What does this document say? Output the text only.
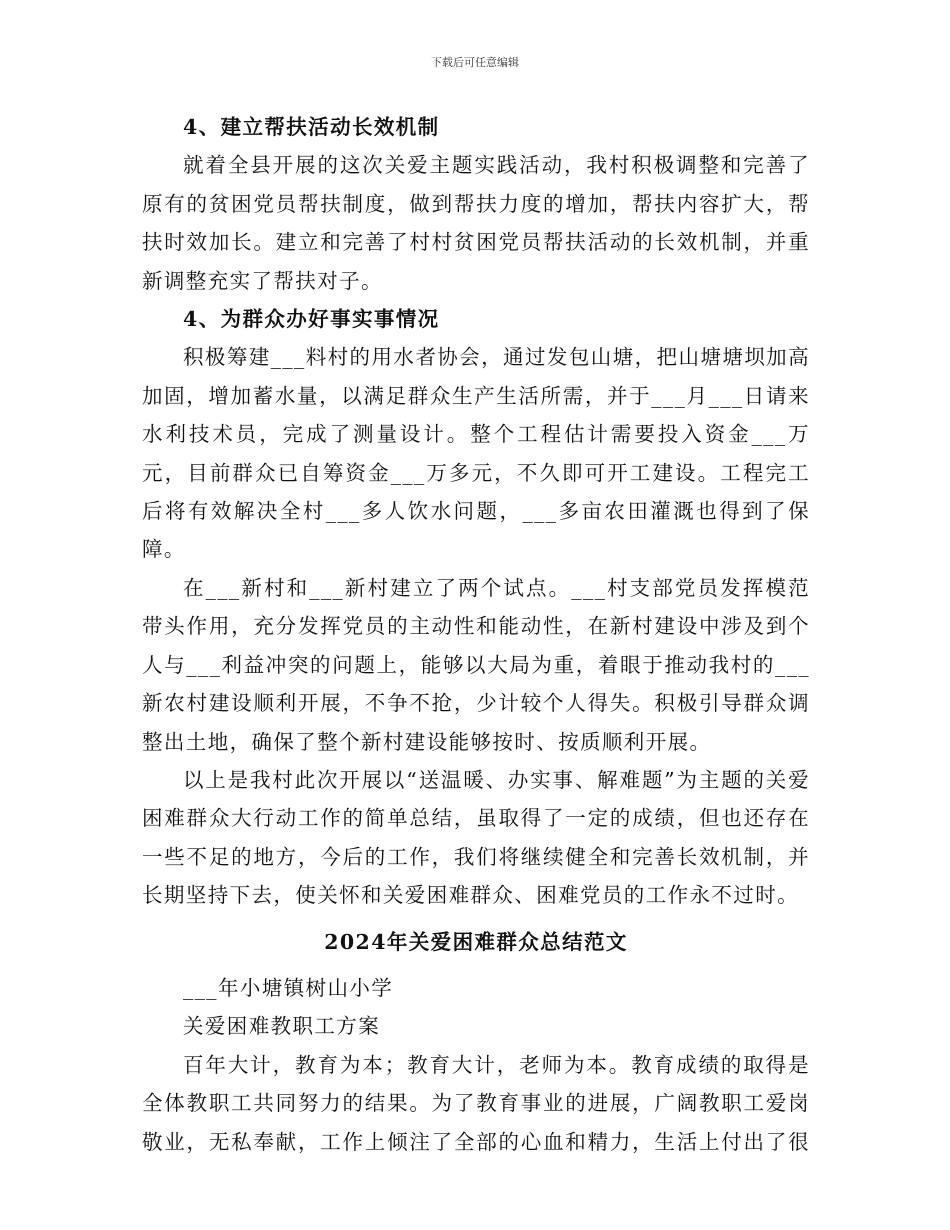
下载后可任意编辑
4、建立帮扶活动长效机制

就着全县开展的这次关爱主题实践活动，我村积极调整和完善了原有的贫困党员帮扶制度，做到帮扶力度的增加，帮扶内容扩大，帮扶时效加长。建立和完善了村村贫困党员帮扶活动的长效机制，并重新调整充实了帮扶对子。

4、为群众办好事实事情况

积极筹建___料村的用水者协会，通过发包山塘，把山塘塘坝加高加固，增加蓄水量，以满足群众生产生活所需，并于___月___日请来水利技术员，完成了测量设计。整个工程估计需要投入资金___万元，目前群众已自筹资金___万多元，不久即可开工建设。工程完工后将有效解决全村___多人饮水问题，___多亩农田灌溉也得到了保障。

在___新村和___新村建立了两个试点。___村支部党员发挥模范带头作用，充分发挥党员的主动性和能动性，在新村建设中涉及到个人与___利益冲突的问题上，能够以大局为重，着眼于推动我村的___新农村建设顺利开展，不争不抢，少计较个人得失。积极引导群众调整出土地，确保了整个新村建设能够按时、按质顺利开展。

以上是我村此次开展以“送温暖、办实事、解难题”为主题的关爱困难群众大行动工作的简单总结，虽取得了一定的成绩，但也还存在一些不足的地方，今后的工作，我们将继续健全和完善长效机制，并长期坚持下去，使关怀和关爱困难群众、困难党员的工作永不过时。

2024年关爱困难群众总结范文

___年小塘镇树山小学

关爱困难教职工方案

百年大计，教育为本；教育大计，老师为本。教育成绩的取得是全体教职工共同努力的结果。为了教育事业的进展，广阔教职工爱岗敬业，无私奉献，工作上倾注了全部的心血和精力，生活上付出了很
